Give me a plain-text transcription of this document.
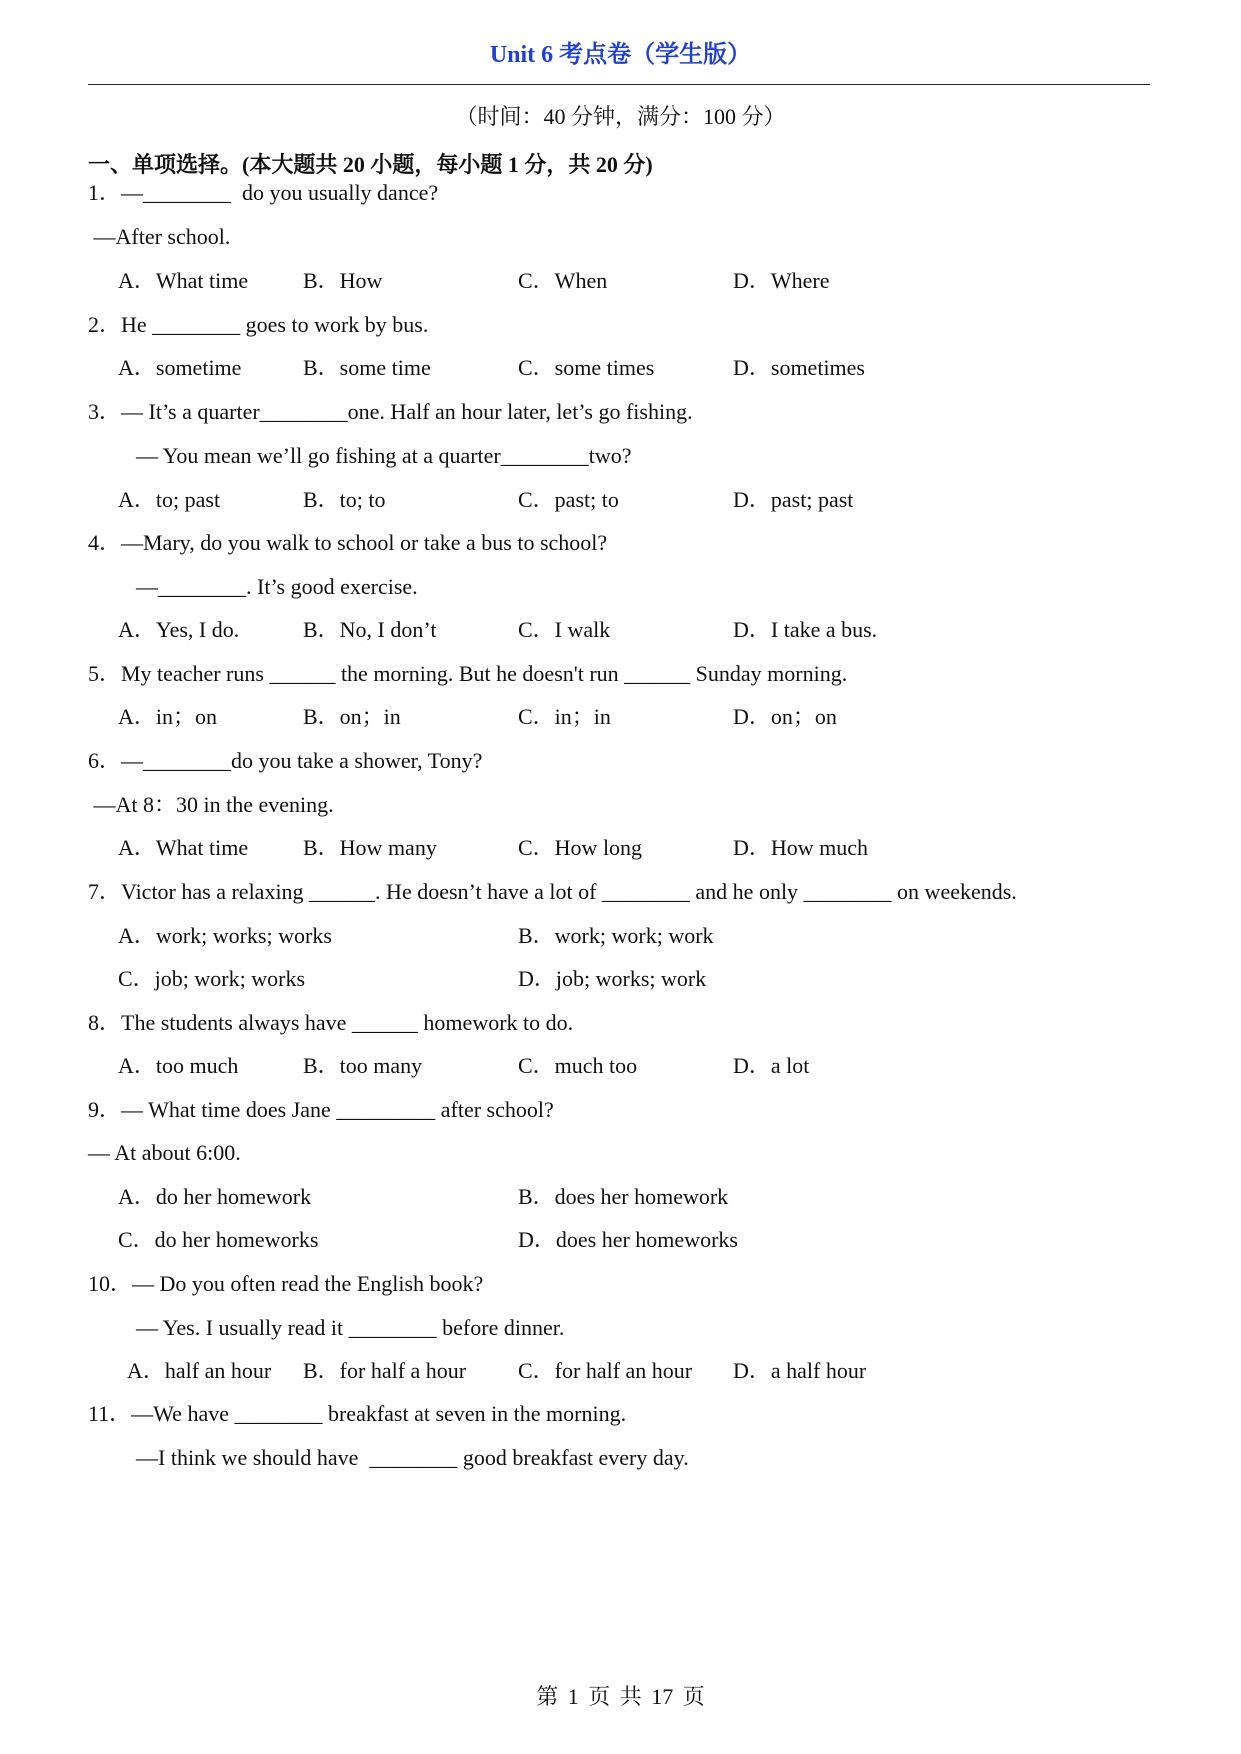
Unit 6 考点卷（学生版）
（时间：40 分钟，满分：100 分）
一、单项选择。(本大题共 20 小题，每小题 1 分，共 20 分)
1．—________  do you usually dance?
—After school.
A．What time B．How	C．When	D．Where
2．He ________ goes to work by bus.
A．sometime	B．some time	C．some times	D．sometimes
3．— It’s a quarter________one. Half an hour later, let’s go fishing.
— You mean we’ll go fishing at a quarter________two?
A．to; past	B．to; to	C．past; to	D．past; past
4．—Mary, do you walk to school or take a bus to school?
—________. It’s good exercise.
A．Yes, I do.	B．No, I don’t	C．I walk	D．I take a bus.
5．My teacher runs ______ the morning. But he doesn't run ______ Sunday morning.
A．in；on	B．on；in	C．in；in	D．on；on
6．—________do you take a shower, Tony?
—At 8：30 in the evening.
A．What time B．How many	C．How long	D．How much
7．Victor has a relaxing ______. He doesn’t have a lot of ________ and he only ________ on weekends.
A．work; works; works	B．work; work; work
C．job; work; works	D．job; works; work
8．The students always have ______ homework to do.
A．too much	B．too many	C．much too	D．a lot
9．— What time does Jane _________ after school?
— At about 6:00.
A．do her homework	B．does her homework
C．do her homeworks	D．does her homeworks
10．— Do you often read the English book?
— Yes. I usually read it ________ before dinner.
A．half an hour B．for half a hour C．for half an hour D．a half hour
11．—We have ________ breakfast at seven in the morning.
—I think we should have  ________ good breakfast every day.
第 1 页 共 17 页
